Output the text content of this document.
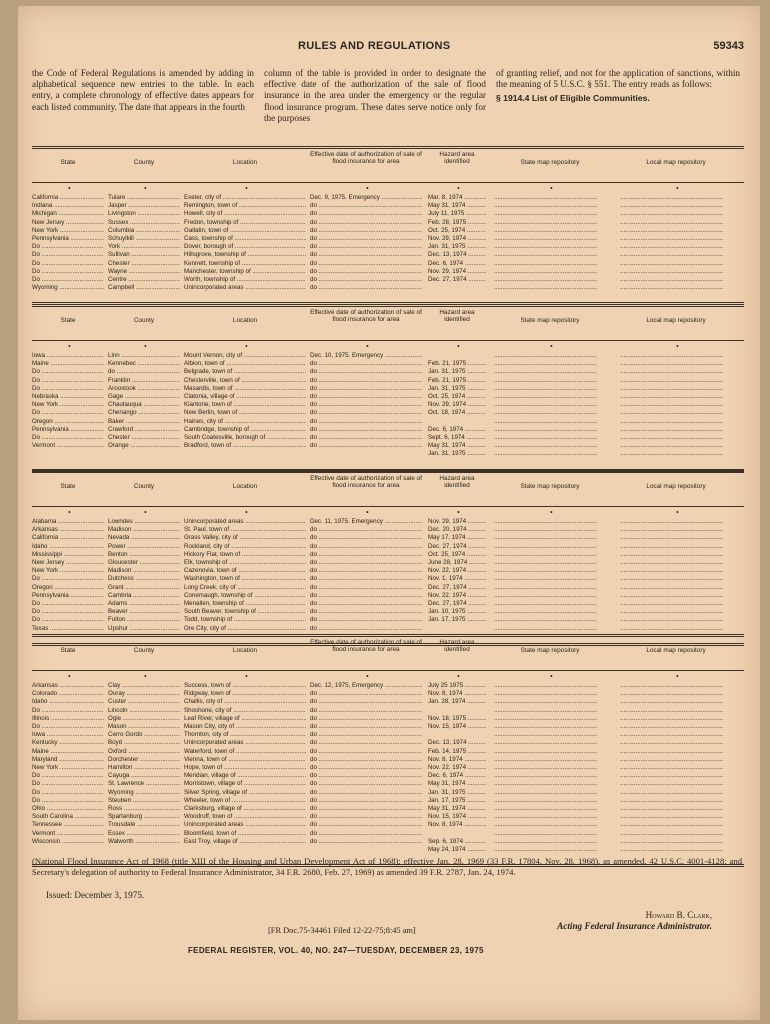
RULES AND REGULATIONS	59343
the Code of Federal Regulations is amended by adding in alphabetical sequence new entries to the table. In each entry, a complete chronology of effective dates appears for each listed community. The date that appears in the fourth
column of the table is provided in order to designate the effective date of the authorization of the sale of flood insurance in the area under the emergency or the regular flood insurance program. These dates serve notice only for the purposes
of granting relief, and not for the application of sanctions, within the meaning of 5 U.S.C. § 551. The entry reads as follows:
§ 1914.4 List of Eligible Communities.
State	County	Location
Effective date of authorization of sale of flood insurance for area
Hazard area identified	State map repository	Local map repository
•	•	•	•	•	•	•
California .....	Tulare .....	Exeter, city of .....	Dec. 9, 1975. Emergency .....	Mar. 8, 1974 .....
.....
.....
Indiana .....	Jasper .....	Remington, town of .....	do .....	May 31, 1974 .....
.....
.....
Michigan .....	Livingston .....	Howell, city of .....	do .....	July 11, 1975 .....
.....
.....
New Jersey .....	Sussex .....	Fredon, township of .....	do .....	Feb. 28, 1975 .....
.....
.....
New York .....	Columbia .....	Gallatin, town of .....	do .....	Oct. 25, 1974 .....
.....
.....
Pennsylvania .....	Schuylkill .....	Cass, township of .....	do .....	Nov. 29, 1974 .....
.....
.....
Do .....	York .....	Dover, borough of .....	do .....	Jan. 31, 1975 .....
.....
.....
Do .....	Sullivan .....	Hillsgrove, township of .....	do .....	Dec. 13, 1974 .....
.....
.....
Do .....	Chester .....	Kennett, township of .....	do .....	Dec. 6, 1974 .....
.....
.....
Do .....	Wayne .....	Manchester, township of .....	do .....	Nov. 29, 1974 .....
.....
.....
Do .....	Centre .....	Worth, township of .....	do .....	Dec. 27, 1974 .....
.....
.....
Wyoming .....	Campbell .....	Unincorporated areas .....	do .....
.....
.....
State	County	Location
Effective date of authorization of sale of flood insurance for area
Hazard area identified	State map repository	Local map repository
•	•	•	•	•	•	•
Iowa .....	Linn .....	Mount Vernon, city of .....	Dec. 10, 1975. Emergency .....
.....
.....
Maine .....	Kennebec .....	Albion, town of .....	do .....	Feb. 21, 1975 .....
.....
.....
Do .....	do .....	Belgrade, town of .....	do .....	Jan. 31, 1975 .....
.....
.....
Do .....	Franklin .....	Chesterville, town of .....	do .....	Feb. 21, 1975 .....
.....
.....
Do .....	Aroostook .....	Masardis, town of .....	do .....	Jan. 31, 1975 .....
.....
.....
Nebraska .....	Gage .....	Clatonia, village of .....	do .....	Oct. 25, 1974 .....
.....
.....
New York .....	Chautauqua .....	Kiantone, town of .....	do .....	Nov. 29, 1974 .....
.....
.....
Do .....	Chenango .....	New Berlin, town of .....	do .....	Oct. 18, 1974 .....
.....
.....
Oregon .....	Baker .....	Haines, city of .....	do .....
.....
.....
Pennsylvania .....	Crawford .....	Cambridge, township of .....	do .....	Dec. 6, 1974 .....
.....
.....
Do .....	Chester .....	South Coatesville, borough of .....	do .....	Sept. 6, 1974 .....
.....
.....
Vermont .....	Orange .....	Bradford, town of .....	do .....	May 31, 1974 .....
.....
.....
Jan. 31, 1975 .....
.....
.....
State	County	Location
Effective date of authorization of sale of flood insurance for area
Hazard area identified	State map repository	Local map repository
•	•	•	•	•	•	•
Alabama .....	Lowndes .....	Unincorporated areas .....	Dec. 11, 1975. Emergency .....	Nov. 29, 1974 .....
.....
.....
Arkansas .....	Madison .....	St. Paul, town of .....	do .....	Dec. 20, 1974 .....
.....
.....
California .....	Nevada .....	Grass Valley, city of .....	do .....	May 17, 1974 .....
.....
.....
Idaho .....	Power .....	Rockland, city of .....	do .....	Dec. 27, 1974 .....
.....
.....
Mississippi .....	Benton .....	Hickory Flat, town of .....	do .....	Oct. 25, 1974 .....
.....
.....
New Jersey .....	Gloucester .....	Elk, township of .....	do .....	June 28, 1974 .....
.....
.....
New York .....	Madison .....	Cazenovia, town of .....	do .....	Nov. 22, 1974 .....
.....
.....
Do .....	Dutchess .....	Washington, town of .....	do .....	Nov. 1, 1974 .....
.....
.....
Oregon .....	Grant .....	Long Creek, city of .....	do .....	Dec. 27, 1974 .....
.....
.....
Pennsylvania .....	Cambria .....	Conemaugh, township of .....	do .....	Nov. 22, 1974 .....
.....
.....
Do .....	Adams .....	Menallen, township of .....	do .....	Dec. 27, 1974 .....
.....
.....
Do .....	Beaver .....	South Beaver, township of .....	do .....	Jan. 10, 1975 .....
.....
.....
Do .....	Fulton .....	Todd, township of .....	do .....	Jan. 17, 1975 .....
.....
.....
Texas .....	Upshur .....	Ore City, city of .....	do .....
.....
.....
State	County	Location
Effective date of authorization of sale of flood insurance for area
Hazard area identified	State map repository	Local map repository
•	•	•	•	•	•	•
Arkansas .....	Clay .....	Success, town of .....	Dec. 12, 1975, Emergency .....	July 25 1975 .....
.....
.....
Colorado .....	Ouray .....	Ridgway, town of .....	do .....	Nov. 8, 1974 .....
.....
.....
Idaho .....	Custer .....	Challis, city of .....	do .....	Jan. 28, 1974 .....
.....
.....
Do .....	Lincoln .....	Shoshone, city of .....	do .....
.....
.....
Illinois .....	Ogle .....	Leaf River, village of .....	do .....	Nov. 18, 1975 .....
.....
.....
Do .....	Mason .....	Mason City, city of .....	do .....	Nov. 15, 1974 .....
.....
.....
Iowa .....	Cerro Gordo .....	Thornton, city of .....	do .....
.....
.....
Kentucky .....	Boyd .....	Unincorporated areas .....	do .....	Dec. 13, 1974 .....
.....
.....
Maine .....	Oxford .....	Waterford, town of .....	do .....	Feb. 14, 1975 .....
.....
.....
Maryland .....	Dorchester .....	Vienna, town of .....	do .....	Nov. 8, 1974 .....
.....
.....
New York .....	Hamilton .....	Hope, town of .....	do .....	Nov. 22, 1974 .....
.....
.....
Do .....	Cayuga .....	Meridian, village of .....	do .....	Dec. 6, 1974 .....
.....
.....
Do .....	St. Lawrence .....	Morristown, village of .....	do .....	May 31, 1974 .....
.....
.....
Do .....	Wyoming .....	Silver Spring, village of .....	do .....	Jan. 31, 1975 .....
.....
.....
Do .....	Steuben .....	Wheeler, town of .....	do .....	Jan. 17, 1975 .....
.....
.....
Ohio .....	Ross .....	Clarksburg, village of .....	do .....	May 31, 1974 .....
.....
.....
South Carolina .....	Spartanburg .....	Woodruff, town of .....	do .....	Nov. 15, 1974 .....
.....
.....
Tennessee .....	Trousdale .....	Unincorporated areas .....	do .....	Nov. 8, 1974 .....
.....
.....
Vermont .....	Essex .....	Bloomfield, town of .....	do .....
.....
.....
Wisconsin .....	Walworth .....	East Troy, village of .....	do .....	Sep. 6, 1974 .....
.....
.....
May 24, 1974 .....
.....
.....
(National Flood Insurance Act of 1968 (title XIII of the Housing and Urban Development Act of 1968); effective Jan. 28, 1969 (33 F.R. 17804, Nov. 28, 1968), as amended, 42 U.S.C. 4001-4128; and Secretary's delegation of authority to Federal Insurance Administrator, 34 F.R. 2680, Feb. 27, 1969) as amended 39 F.R. 2787, Jan. 24, 1974.
Issued: December 3, 1975.
Howard B. Clark,
Acting Federal Insurance Administrator.
[FR Doc.75-34461 Filed 12-22-75;8:45 am]
FEDERAL REGISTER, VOL. 40, NO. 247—TUESDAY, DECEMBER 23, 1975
